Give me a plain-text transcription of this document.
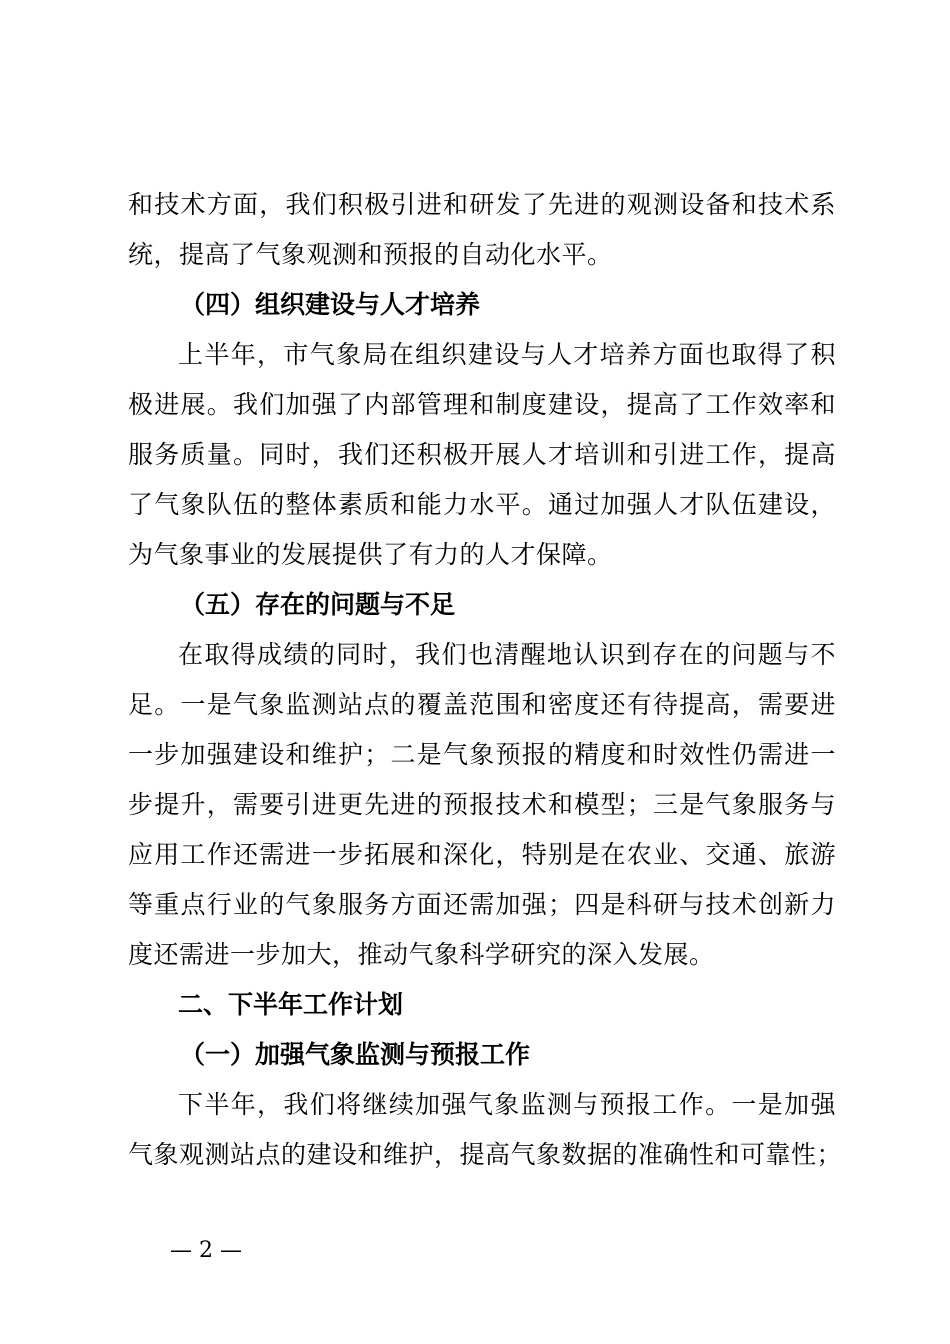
和技术方面，我们积极引进和研发了先进的观测设备和技术系
统，提高了气象观测和预报的自动化水平。
（四）组织建设与人才培养
上半年，市气象局在组织建设与人才培养方面也取得了积
极进展。我们加强了内部管理和制度建设，提高了工作效率和
服务质量。同时，我们还积极开展人才培训和引进工作，提高
了气象队伍的整体素质和能力水平。通过加强人才队伍建设，
为气象事业的发展提供了有力的人才保障。
（五）存在的问题与不足
在取得成绩的同时，我们也清醒地认识到存在的问题与不
足。一是气象监测站点的覆盖范围和密度还有待提高，需要进
一步加强建设和维护；二是气象预报的精度和时效性仍需进一
步提升，需要引进更先进的预报技术和模型；三是气象服务与
应用工作还需进一步拓展和深化，特别是在农业、交通、旅游
等重点行业的气象服务方面还需加强；四是科研与技术创新力
度还需进一步加大，推动气象科学研究的深入发展。
二、下半年工作计划
（一）加强气象监测与预报工作
下半年，我们将继续加强气象监测与预报工作。一是加强
气象观测站点的建设和维护，提高气象数据的准确性和可靠性；
— 2 —
